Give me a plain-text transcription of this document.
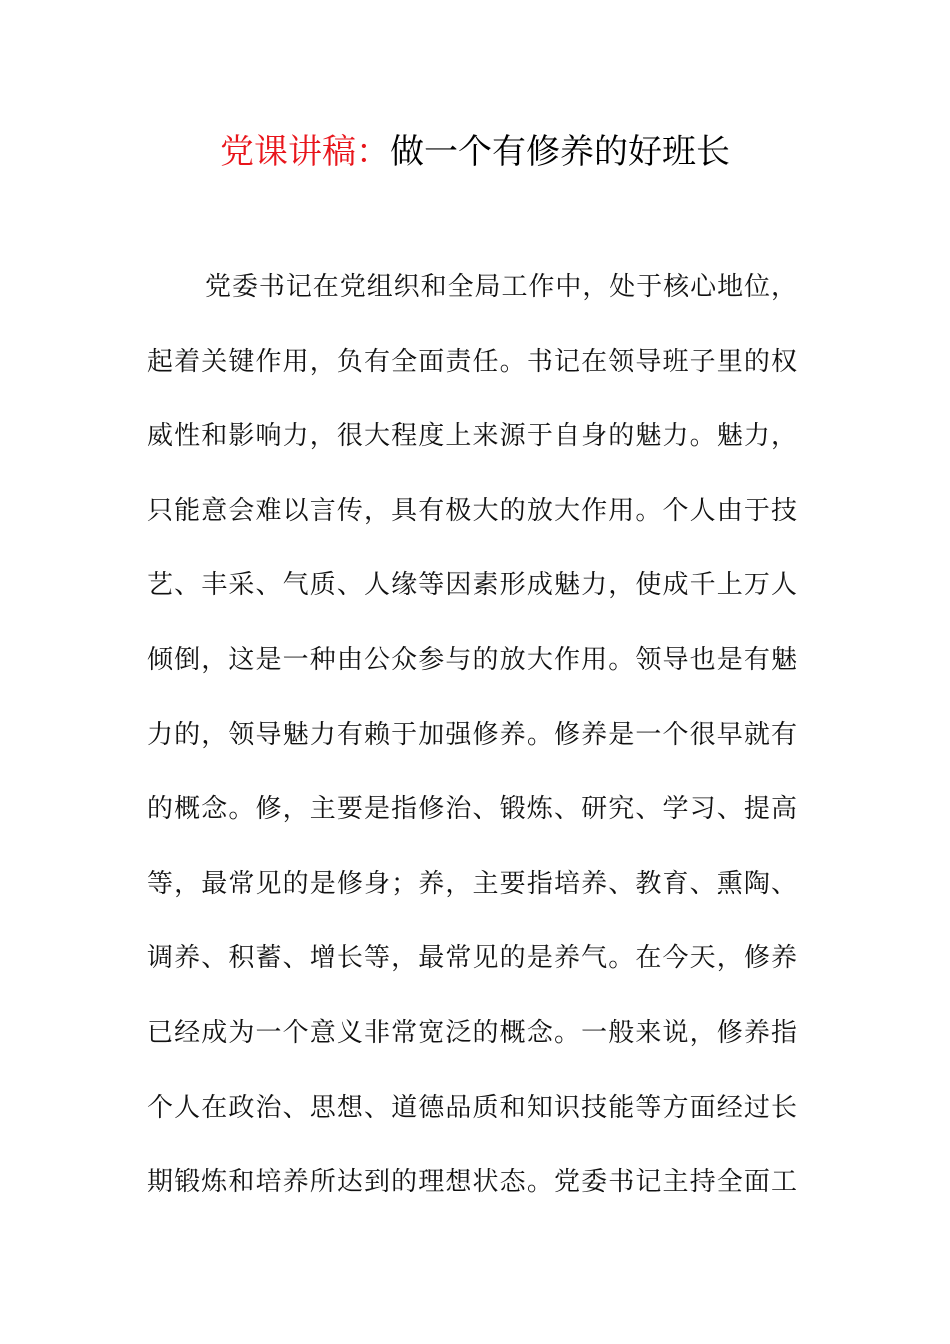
党课讲稿：做一个有修养的好班长
党委书记在党组织和全局工作中，处于核心地位，
起着关键作用，负有全面责任。书记在领导班子里的权
威性和影响力，很大程度上来源于自身的魅力。魅力，
只能意会难以言传，具有极大的放大作用。个人由于技
艺、丰采、气质、人缘等因素形成魅力，使成千上万人
倾倒，这是一种由公众参与的放大作用。领导也是有魅
力的，领导魅力有赖于加强修养。修养是一个很早就有
的概念。修，主要是指修治、锻炼、研究、学习、提高
等，最常见的是修身；养，主要指培养、教育、熏陶、
调养、积蓄、增长等，最常见的是养气。在今天，修养
已经成为一个意义非常宽泛的概念。一般来说，修养指
个人在政治、思想、道德品质和知识技能等方面经过长
期锻炼和培养所达到的理想状态。党委书记主持全面工
